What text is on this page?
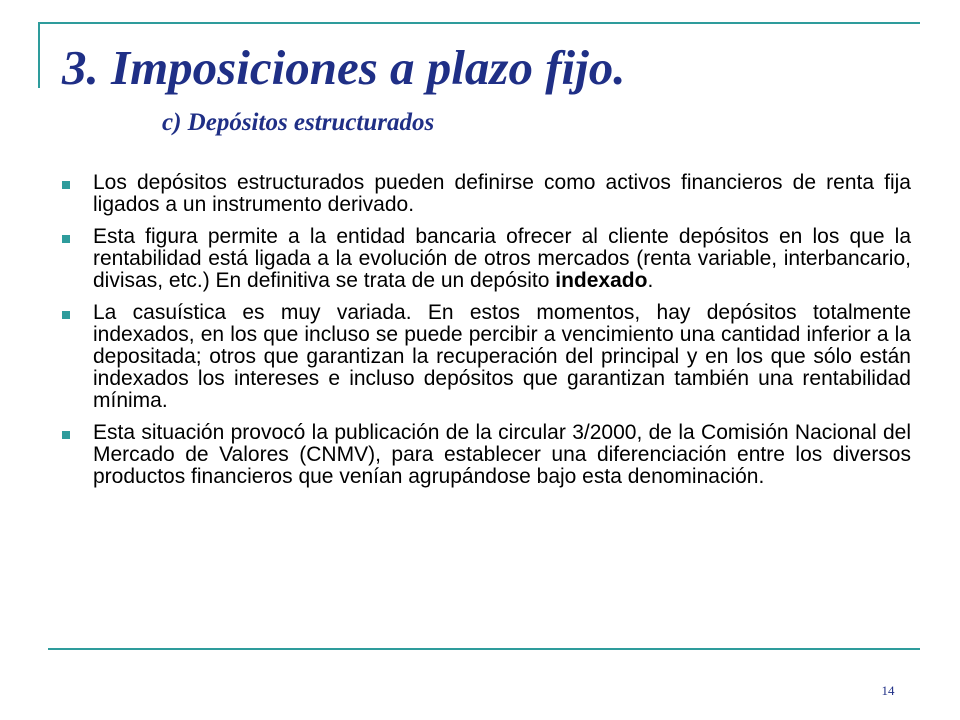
3. Imposiciones a plazo fijo.
c) Depósitos estructurados
Los depósitos estructurados pueden definirse como activos financieros de renta fija ligados a un instrumento derivado.
Esta figura permite a la entidad bancaria ofrecer al cliente depósitos en los que la rentabilidad está ligada a la evolución de otros mercados (renta variable, interbancario, divisas, etc.) En definitiva se trata de un depósito indexado.
La casuística es muy variada. En estos momentos, hay depósitos totalmente indexados, en los que incluso se puede percibir a vencimiento una cantidad inferior a la depositada; otros que garantizan la recuperación del principal y en los que sólo están indexados los intereses e incluso depósitos que garantizan también una rentabilidad mínima.
Esta situación provocó la publicación de la circular 3/2000, de la Comisión Nacional del Mercado de Valores (CNMV), para establecer una diferenciación entre los diversos productos financieros que venían agrupándose bajo esta denominación.
14
